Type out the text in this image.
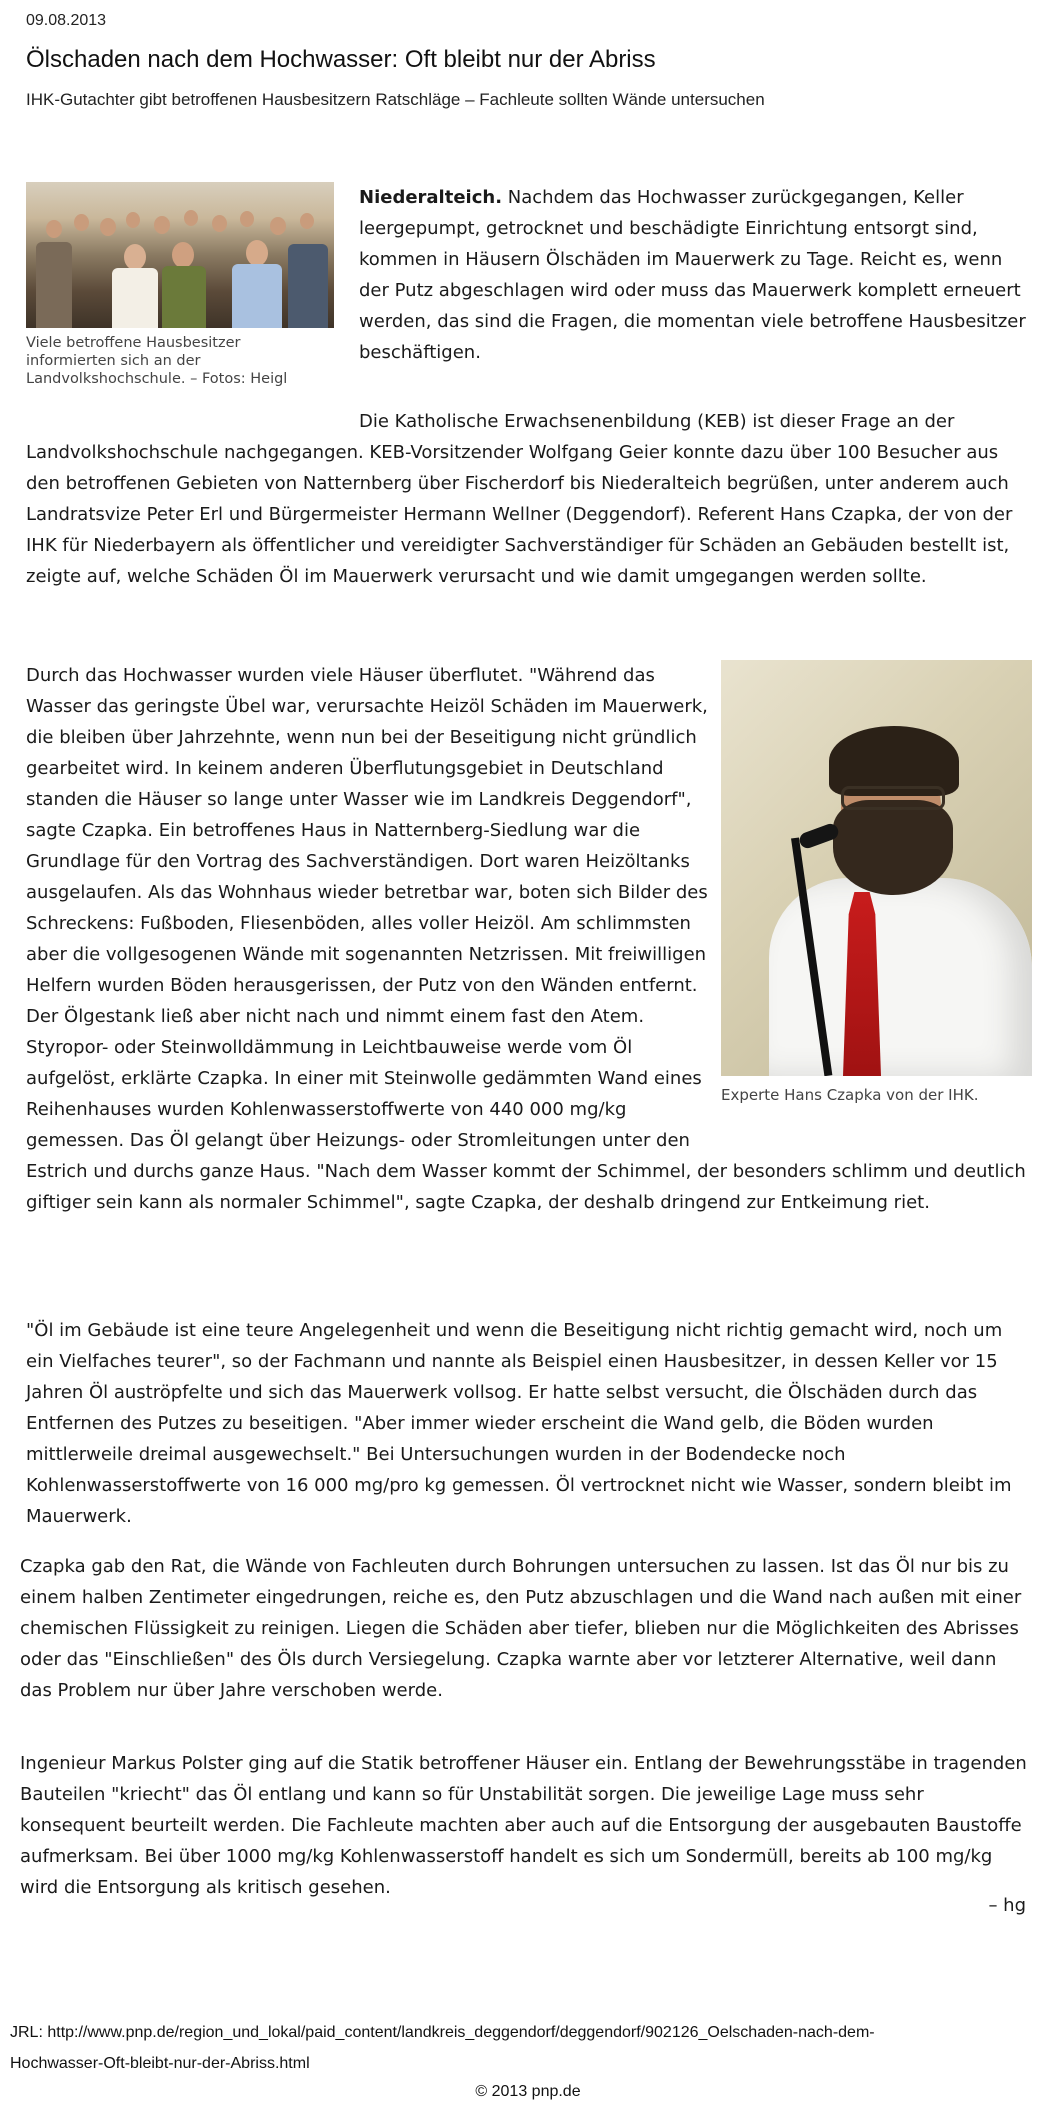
09.08.2013
Ölschaden nach dem Hochwasser: Oft bleibt nur der Abriss
IHK-Gutachter gibt betroffenen Hausbesitzern Ratschläge – Fachleute sollten Wände untersuchen
Viele betroffene Hausbesitzer informierten sich an der Landvolkshochschule. – Fotos: Heigl

Niederalteich. Nachdem das Hochwasser zurückgegangen, Keller leergepumpt, getrocknet und beschädigte Einrichtung entsorgt sind, kommen in Häusern Ölschäden im Mauerwerk zu Tage. Reicht es, wenn der Putz abgeschlagen wird oder muss das Mauerwerk komplett erneuert werden, das sind die Fragen, die momentan viele betroffene Hausbesitzer beschäftigen.

Die Katholische Erwachsenenbildung (KEB) ist dieser Frage an der Landvolkshochschule nachgegangen. KEB-Vorsitzender Wolfgang Geier konnte dazu über 100 Besucher aus den betroffenen Gebieten von Natternberg über Fischerdorf bis Niederalteich begrüßen, unter anderem auch Landratsvize Peter Erl und Bürgermeister Hermann Wellner (Deggendorf). Referent Hans Czapka, der von der IHK für Niederbayern als öffentlicher und vereidigter Sachverständiger für Schäden an Gebäuden bestellt ist, zeigte auf, welche Schäden Öl im Mauerwerk verursacht und wie damit umgegangen werden sollte.

Durch das Hochwasser wurden viele Häuser überflutet. "Während das Wasser das geringste Übel war, verursachte Heizöl Schäden im Mauerwerk, die bleiben über Jahrzehnte, wenn nun bei der Beseitigung nicht gründlich gearbeitet wird. In keinem anderen Überflutungsgebiet in Deutschland standen die Häuser so lange unter Wasser wie im Landkreis Deggendorf", sagte Czapka. Ein betroffenes Haus in Natternberg-Siedlung war die Grundlage für den Vortrag des Sachverständigen. Dort waren Heizöltanks ausgelaufen. Als das Wohnhaus wieder betretbar war, boten sich Bilder des Schreckens: Fußboden, Fliesenböden, alles voller Heizöl. Am schlimmsten aber die vollgesogenen Wände mit sogenannten Netzrissen. Mit freiwilligen Helfern wurden Böden herausgerissen, der Putz von den Wänden entfernt. Der Ölgestank ließ aber nicht nach und nimmt einem fast den Atem. Styropor- oder Steinwolldämmung in Leichtbauweise werde vom Öl aufgelöst, erklärte Czapka. In einer mit Steinwolle gedämmten Wand eines Reihenhauses wurden Kohlenwasserstoffwerte von 440 000 mg/kg gemessen. Das Öl gelangt über Heizungs- oder Stromleitungen unter den Estrich und durchs ganze Haus. "Nach dem Wasser kommt der Schimmel, der besonders schlimm und deutlich giftiger sein kann als normaler Schimmel", sagte Czapka, der deshalb dringend zur Entkeimung riet.

Experte Hans Czapka von der IHK.

"Öl im Gebäude ist eine teure Angelegenheit und wenn die Beseitigung nicht richtig gemacht wird, noch um ein Vielfaches teurer", so der Fachmann und nannte als Beispiel einen Hausbesitzer, in dessen Keller vor 15 Jahren Öl auströpfelte und sich das Mauerwerk vollsog. Er hatte selbst versucht, die Ölschäden durch das Entfernen des Putzes zu beseitigen. "Aber immer wieder erscheint die Wand gelb, die Böden wurden mittlerweile dreimal ausgewechselt." Bei Untersuchungen wurden in der Bodendecke noch Kohlenwasserstoffwerte von 16 000 mg/pro kg gemessen. Öl vertrocknet nicht wie Wasser, sondern bleibt im Mauerwerk.

Czapka gab den Rat, die Wände von Fachleuten durch Bohrungen untersuchen zu lassen. Ist das Öl nur bis zu einem halben Zentimeter eingedrungen, reiche es, den Putz abzuschlagen und die Wand nach außen mit einer chemischen Flüssigkeit zu reinigen. Liegen die Schäden aber tiefer, blieben nur die Möglichkeiten des Abrisses oder das "Einschließen" des Öls durch Versiegelung. Czapka warnte aber vor letzterer Alternative, weil dann das Problem nur über Jahre verschoben werde.

Ingenieur Markus Polster ging auf die Statik betroffener Häuser ein. Entlang der Bewehrungsstäbe in tragenden Bauteilen "kriecht" das Öl entlang und kann so für Unstabilität sorgen. Die jeweilige Lage muss sehr konsequent beurteilt werden. Die Fachleute machten aber auch auf die Entsorgung der ausgebauten Baustoffe aufmerksam. Bei über 1000 mg/kg Kohlenwasserstoff handelt es sich um Sondermüll, bereits ab 100 mg/kg wird die Entsorgung als kritisch gesehen.

– hg
JRL: http://www.pnp.de/region_und_lokal/paid_content/landkreis_deggendorf/deggendorf/902126_Oelschaden-nach-dem-
Hochwasser-Oft-bleibt-nur-der-Abriss.html
© 2013 pnp.de
